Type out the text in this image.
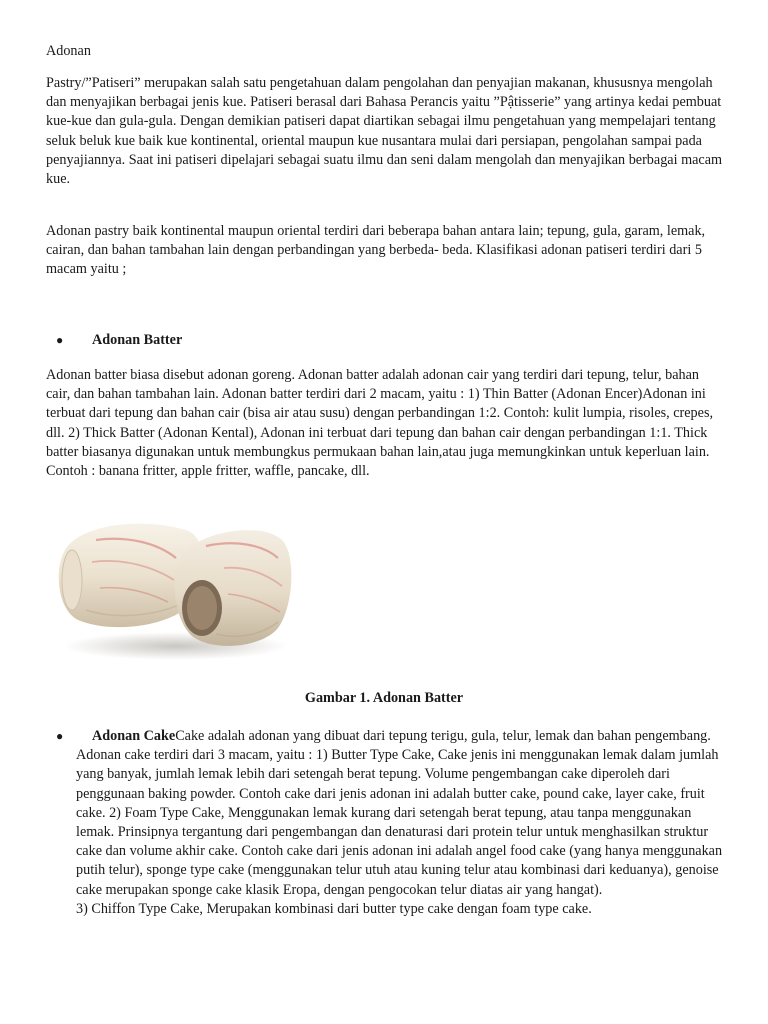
Adonan

Pastry/”Patiseri” merupakan salah satu pengetahuan dalam pengolahan dan penyajian makanan, khususnya mengolah dan menyajikan berbagai jenis kue. Patiseri berasal dari Bahasa Perancis yaitu ”Pậtisserie” yang artinya kedai pembuat kue-kue dan gula-gula. Dengan demikian patiseri dapat diartikan sebagai ilmu pengetahuan yang mempelajari tentang seluk beluk kue baik kue kontinental, oriental maupun kue nusantara mulai dari persiapan, pengolahan sampai pada penyajiannya. Saat ini patiseri dipelajari sebagai suatu ilmu dan seni dalam mengolah dan menyajikan berbagai macam kue.

Adonan pastry baik kontinental maupun oriental terdiri dari beberapa bahan antara lain; tepung, gula, garam, lemak, cairan, dan bahan tambahan lain dengan perbandingan yang berbeda- beda. Klasifikasi adonan patiseri terdiri dari 5 macam yaitu ;

● Adonan Batter

Adonan batter biasa disebut adonan goreng. Adonan batter adalah adonan cair yang terdiri dari tepung, telur, bahan cair, dan bahan tambahan lain. Adonan batter terdiri dari 2 macam, yaitu : 1) Thin Batter (Adonan Encer)Adonan ini terbuat dari tepung dan bahan cair (bisa air atau susu) dengan perbandingan 1:2. Contoh: kulit lumpia, risoles, crepes, dll. 2) Thick Batter (Adonan Kental), Adonan ini terbuat dari tepung dan bahan cair dengan perbandingan 1:1. Thick batter biasanya digunakan untuk membungkus permukaan bahan lain,atau juga memungkinkan untuk keperluan lain. Contoh : banana fritter, apple fritter, waffle, pancake, dll.

Gambar 1. Adonan Batter

●	Adonan CakeCake adalah adonan yang dibuat dari tepung terigu, gula, telur, lemak dan bahan pengembang. Adonan cake terdiri dari 3 macam, yaitu : 1) Butter Type Cake, Cake jenis ini menggunakan lemak dalam jumlah yang banyak, jumlah lemak lebih dari setengah berat tepung. Volume pengembangan cake diperoleh dari penggunaan baking powder. Contoh cake dari jenis adonan ini adalah butter cake, pound cake, layer cake, fruit cake. 2) Foam Type Cake, Menggunakan lemak kurang dari setengah berat tepung, atau tanpa menggunakan lemak. Prinsipnya tergantung dari pengembangan dan denaturasi dari protein telur untuk menghasilkan struktur cake dan volume akhir cake. Contoh cake dari jenis adonan ini adalah angel food cake (yang hanya menggunakan putih telur), sponge type cake (menggunakan telur utuh atau kuning telur atau kombinasi dari keduanya), genoise cake merupakan sponge cake klasik Eropa, dengan pengocokan telur diatas air yang hangat).
3) Chiffon Type Cake, Merupakan kombinasi dari butter type cake dengan foam type cake.
